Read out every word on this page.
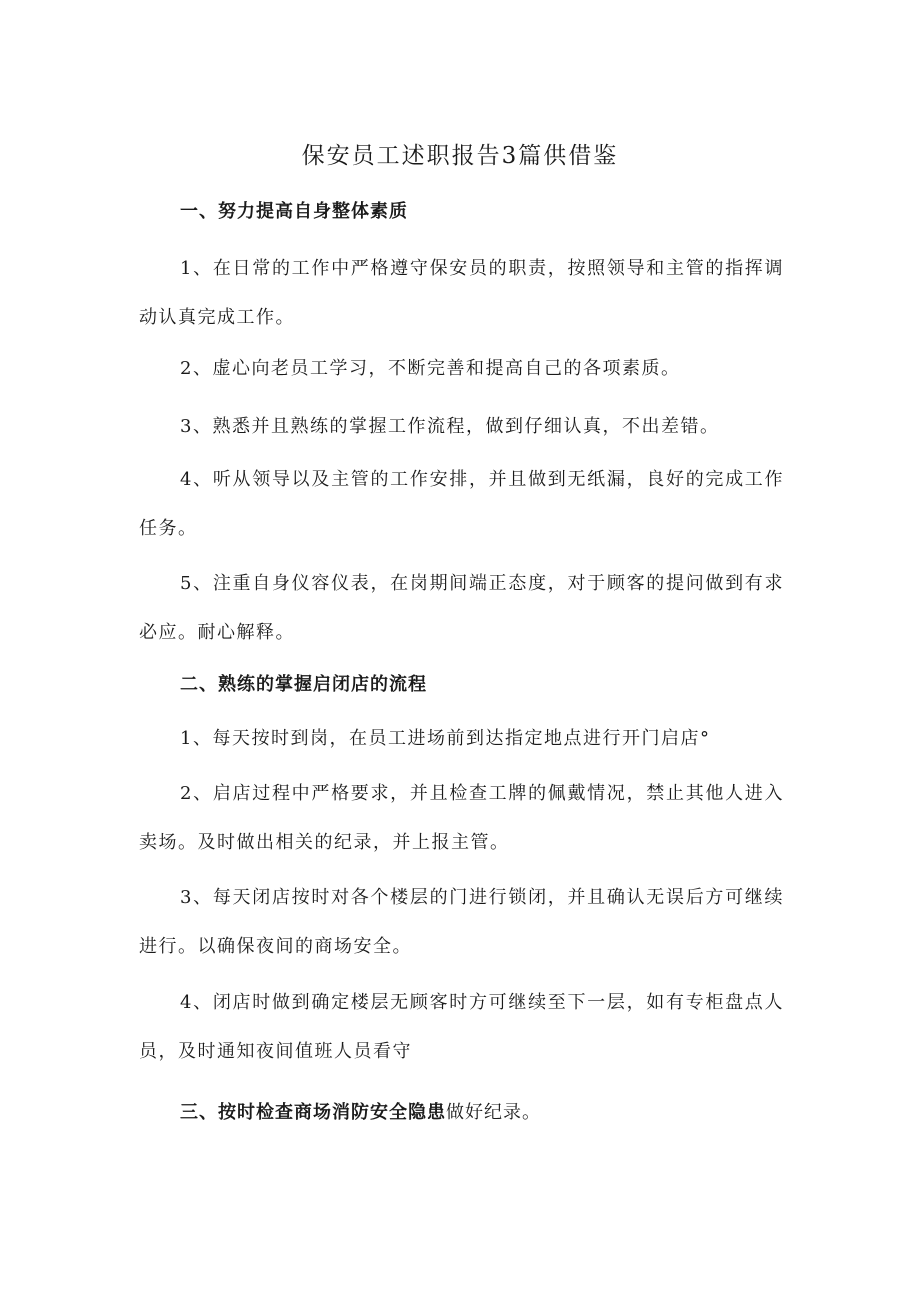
保安员工述职报告3篇供借鉴
一、努力提高自身整体素质

1、在日常的工作中严格遵守保安员的职责，按照领导和主管的指挥调动认真完成工作。

2、虚心向老员工学习，不断完善和提高自己的各项素质。

3、熟悉并且熟练的掌握工作流程，做到仔细认真，不出差错。

4、听从领导以及主管的工作安排，并且做到无纸漏，良好的完成工作任务。

5、注重自身仪容仪表，在岗期间端正态度，对于顾客的提问做到有求必应。耐心解释。

二、熟练的掌握启闭店的流程

1、每天按时到岗，在员工进场前到达指定地点进行开门启店°

2、启店过程中严格要求，并且检查工牌的佩戴情况，禁止其他人进入卖场。及时做出相关的纪录，并上报主管。

3、每天闭店按时对各个楼层的门进行锁闭，并且确认无误后方可继续进行。以确保夜间的商场安全。

4、闭店时做到确定楼层无顾客时方可继续至下一层，如有专柜盘点人员，及时通知夜间值班人员看守

三、按时检查商场消防安全隐患做好纪录。
